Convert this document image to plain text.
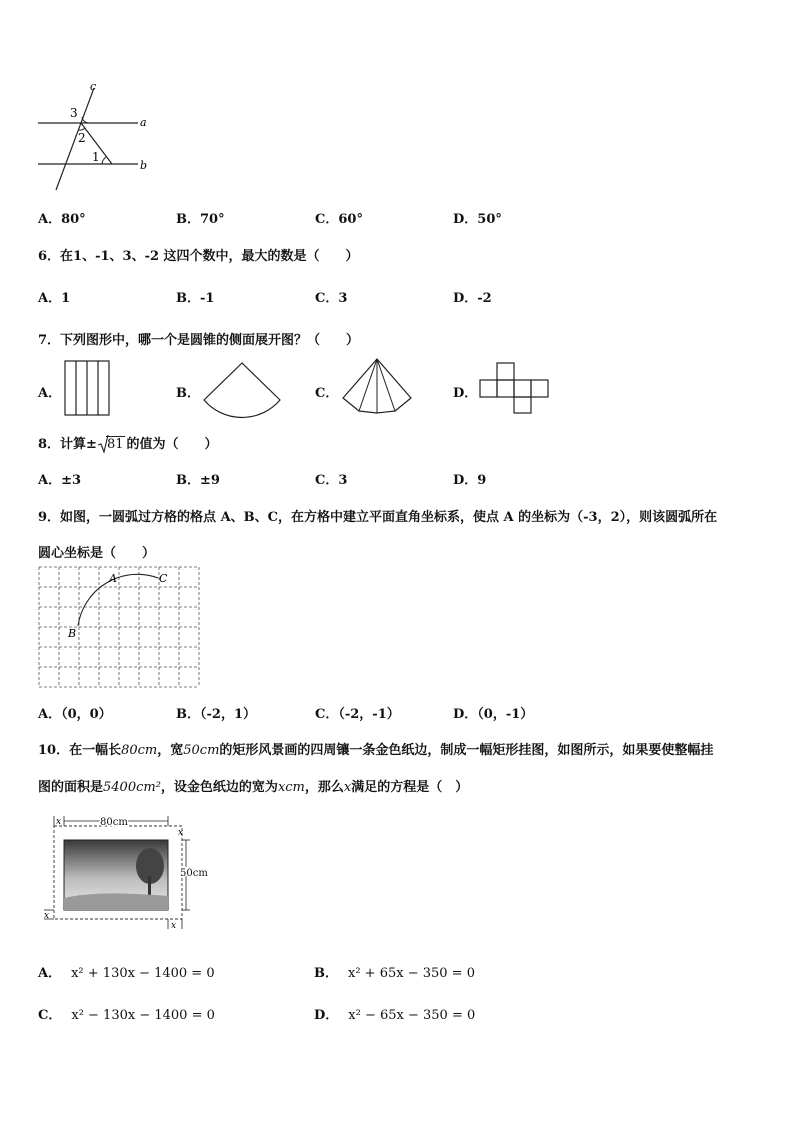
c
a
b
3
2
1
A．80°	B．70°	C．60°	D．50°
6．在1、-1、3、-2 这四个数中，最大的数是（　　）
A．1	B．-1	C．3	D．-2
7．下列图形中，哪一个是圆锥的侧面展开图？（　　）
A．	B．	C．	D．
8．计算± 81 的值为（　　）
A．±3	B．±9	C．3	D．9
9．如图，一圆弧过方格的格点 A、B、C，在方格中建立平面直角坐标系，使点 A 的坐标为（-3，2），则该圆弧所在
圆心坐标是（　　）
A
B
C
A．（0，0）	B．（-2，1）	C．（-2，-1）	D．（0，-1）
10．在一幅长80cm，宽50cm的矩形风景画的四周镶一条金色纸边，制成一幅矩形挂图，如图所示，如果要使整幅挂
图的面积是5400cm²，设金色纸边的宽为xcm，那么x满足的方程是（　）
80cm
x
x
50cm
x
x
A． x² + 130x − 1400 = 0	B． x² + 65x − 350 = 0
C． x² − 130x − 1400 = 0	D． x² − 65x − 350 = 0
